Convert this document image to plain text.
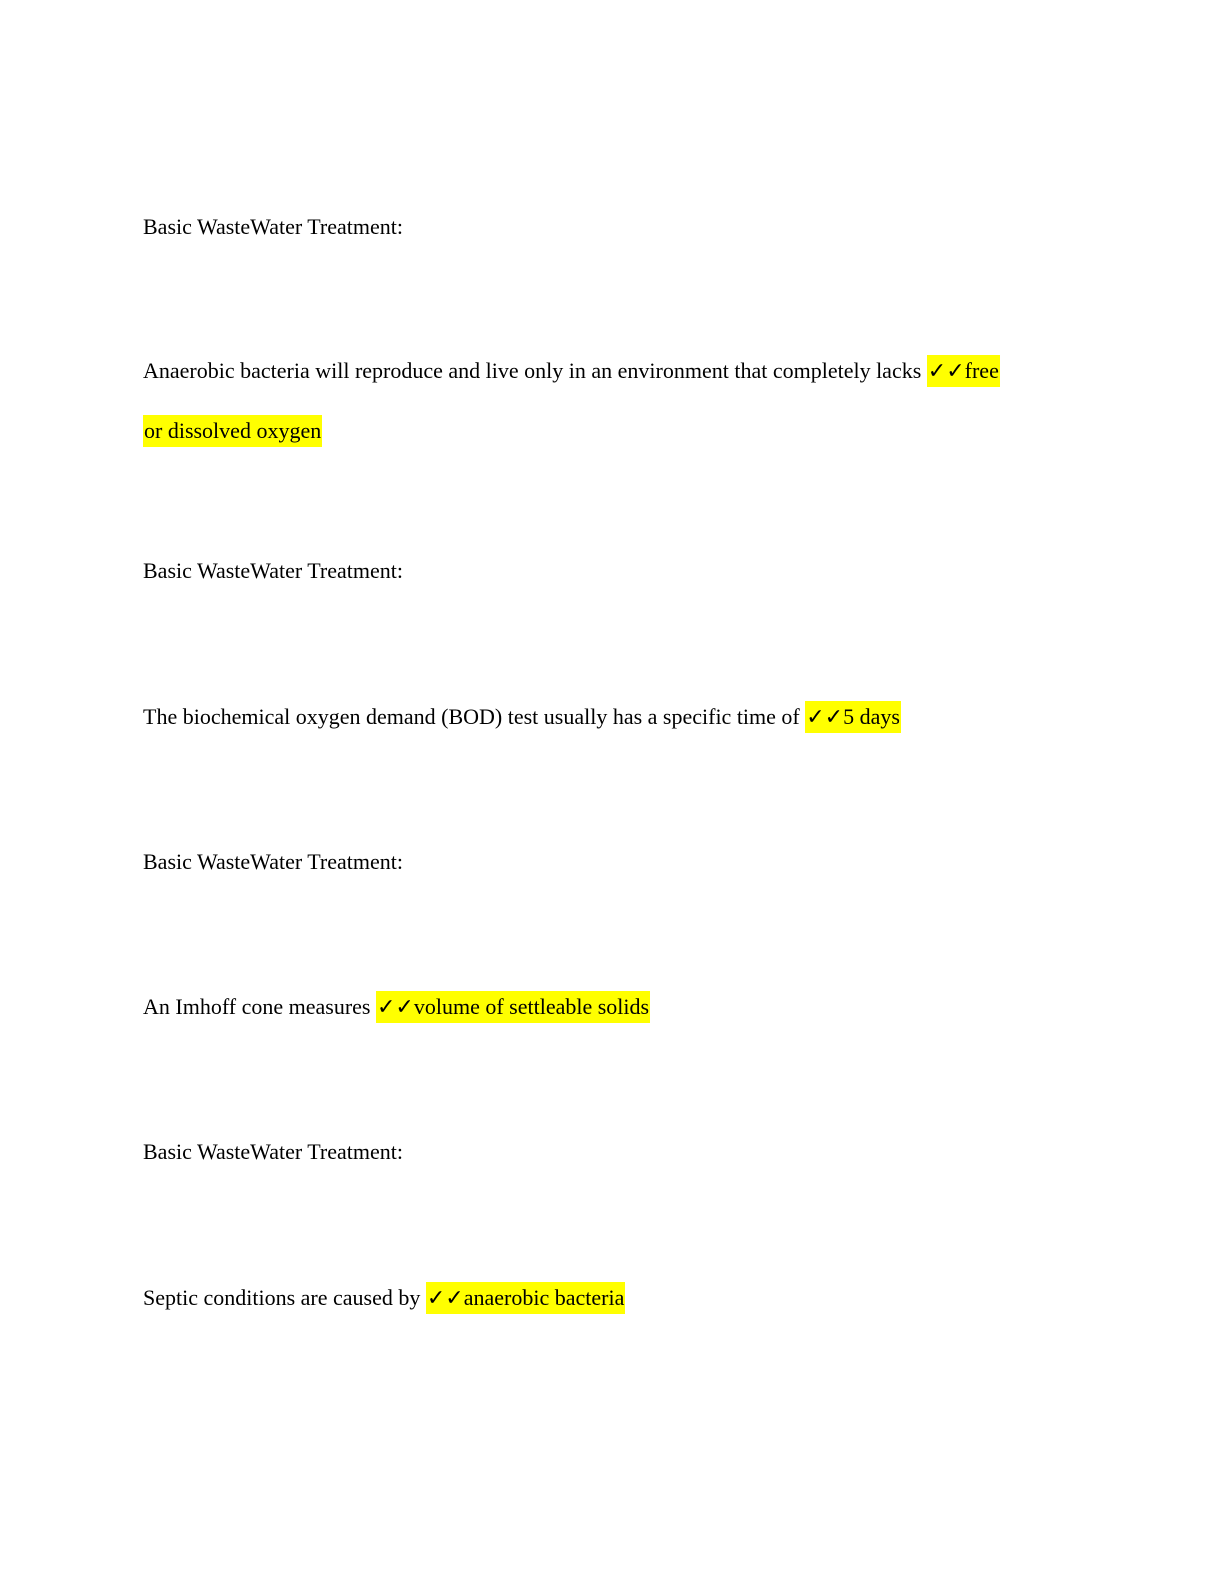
Basic WasteWater Treatment:
Anaerobic bacteria will reproduce and live only in an environment that completely lacks ✓✓free
or dissolved oxygen
Basic WasteWater Treatment:
The biochemical oxygen demand (BOD) test usually has a specific time of ✓✓5 days
Basic WasteWater Treatment:
An Imhoff cone measures ✓✓volume of settleable solids
Basic WasteWater Treatment:
Septic conditions are caused by ✓✓anaerobic bacteria
